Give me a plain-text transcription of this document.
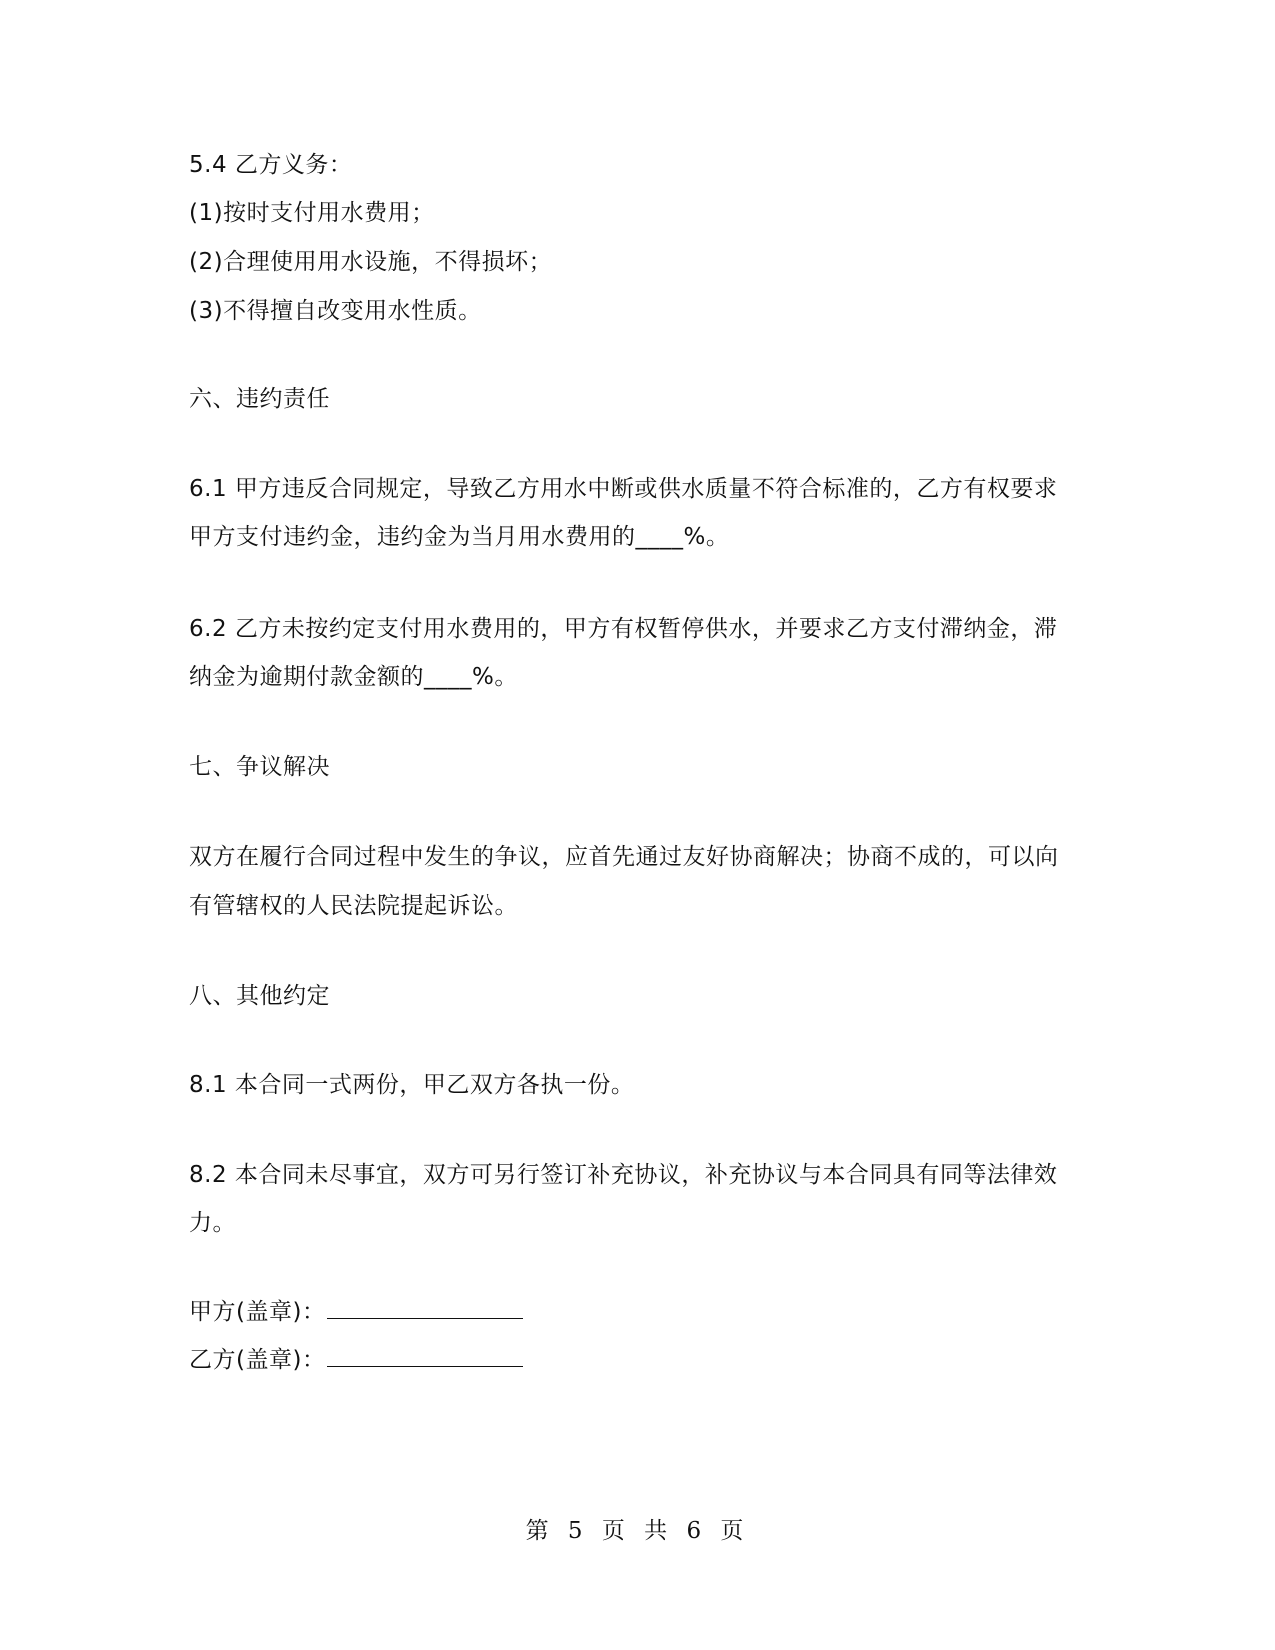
5.4 乙方义务：
(1)按时支付用水费用；
(2)合理使用用水设施，不得损坏；
(3)不得擅自改变用水性质。
六、违约责任
6.1 甲方违反合同规定，导致乙方用水中断或供水质量不符合标准的，乙方有权要求
甲方支付违约金，违约金为当月用水费用的____%。
6.2 乙方未按约定支付用水费用的，甲方有权暂停供水，并要求乙方支付滞纳金，滞
纳金为逾期付款金额的____%。
七、争议解决
双方在履行合同过程中发生的争议，应首先通过友好协商解决；协商不成的，可以向
有管辖权的人民法院提起诉讼。
八、其他约定
8.1 本合同一式两份，甲乙双方各执一份。
8.2 本合同未尽事宜，双方可另行签订补充协议，补充协议与本合同具有同等法律效
力。
甲方(盖章)：
乙方(盖章)：
第 5 页 共 6 页
